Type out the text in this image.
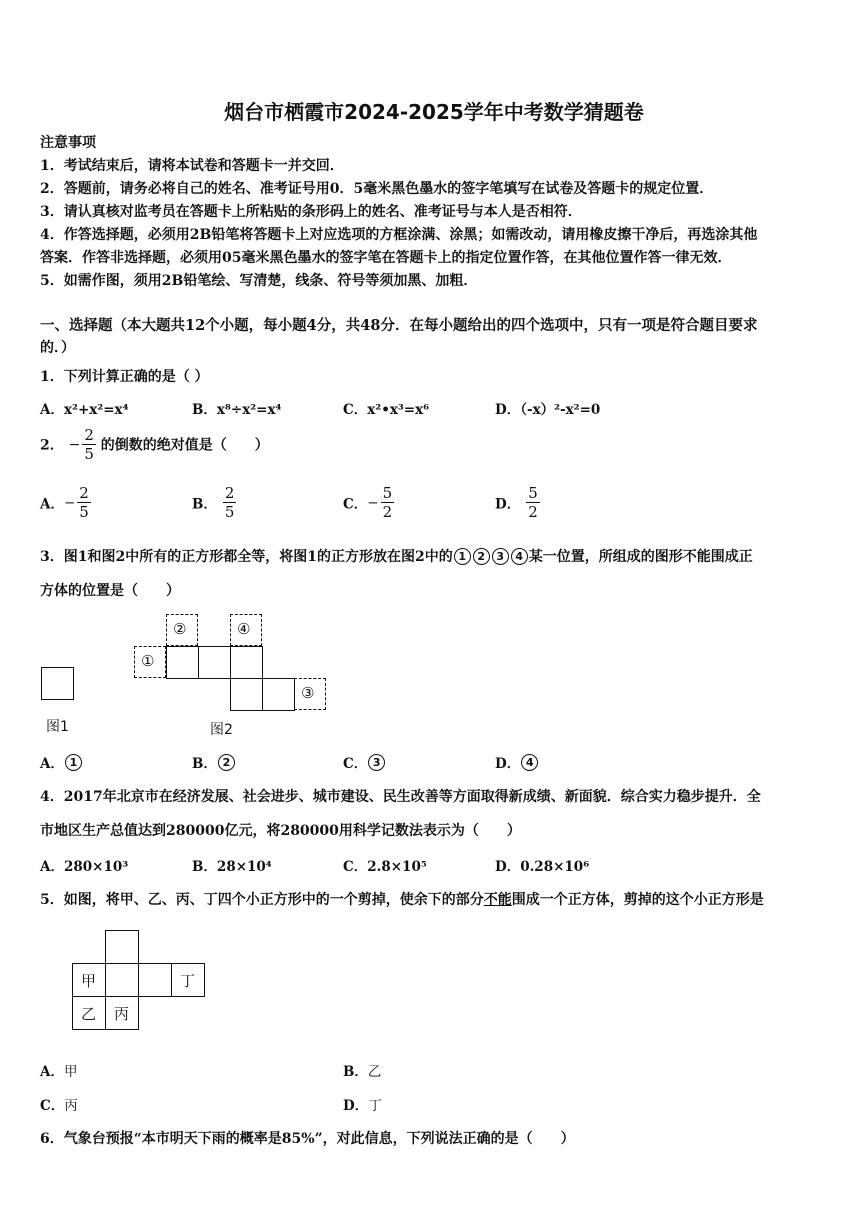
烟台市栖霞市2024-2025学年中考数学猜题卷
注意事项
1．考试结束后，请将本试卷和答题卡一并交回．
2．答题前，请务必将自己的姓名、准考证号用0．5毫米黑色墨水的签字笔填写在试卷及答题卡的规定位置．
3．请认真核对监考员在答题卡上所粘贴的条形码上的姓名、准考证号与本人是否相符．
4．作答选择题，必须用2B铅笔将答题卡上对应选项的方框涂满、涂黑；如需改动，请用橡皮擦干净后，再选涂其他
答案．作答非选择题，必须用05毫米黑色墨水的签字笔在答题卡上的指定位置作答，在其他位置作答一律无效．
5．如需作图，须用2B铅笔绘、写清楚，线条、符号等须加黑、加粗．
一、选择题（本大题共12个小题，每小题4分，共48分．在每小题给出的四个选项中，只有一项是符合题目要求
的．）
1．下列计算正确的是（ ）
A．x²+x²=x⁴	B．x⁸÷x²=x⁴	C．x²•x³=x⁶	D．（-x）²-x²=0
2． − $\frac{2}{5}$ 的倒数的绝对值是（　　）
A．− $\frac{2}{5}$	B． $\frac{2}{5}$	C．− $\frac{5}{2}$	D． $\frac{5}{2}$
3．图1和图2中所有的正方形都全等，将图1的正方形放在图2中的 1 2 3 4 某一位置，所组成的图形不能围成正
方体的位置是（　　）
图1
②	④
①
③
图2
A． 1	B． 2	C． 3	D． 4
4．2017年北京市在经济发展、社会进步、城市建设、民生改善等方面取得新成绩、新面貌．综合实力稳步提升．全
市地区生产总值达到280000亿元，将280000用科学记数法表示为（　　）
A．280×10³	B．28×10⁴	C．2.8×10⁵	D．0.28×10⁶
5．如图，将甲、乙、丙、丁四个小正方形中的一个剪掉，使余下的部分不能围成一个正方体，剪掉的这个小正方形是
甲	丁
乙 丙
A．甲	B．乙
C．丙	D．丁
6．气象台预报“本市明天下雨的概率是85%”，对此信息，下列说法正确的是（　　）
